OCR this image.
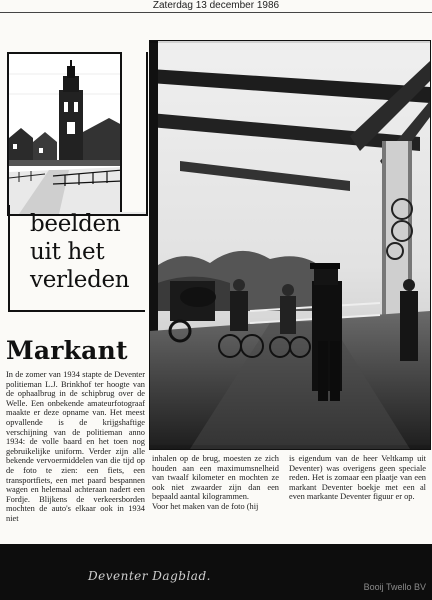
Zaterdag 13 december 1986
beelden
uit het
verleden
Markant
In de zomer van 1934 stapte de Deventer politieman L.J. Brinkhof ter hoogte van de ophaalbrug in de schipbrug over de Welle. Een onbekende amateurfotograaf maakte er deze opname van. Het meest opvallende is de krijgshaftige verschijning van de politieman anno 1934: de volle baard en het toen nog gebruikelijke uniform. Verder zijn alle bekende vervoermiddelen van die tijd op de foto te zien: een fiets, een transportfiets, een met paard bespannen wagen en helemaal achteraan nadert een Fordje. Blijkens de verkeersborden mochten de auto's elkaar ook in 1934 niet
inhalen op de brug, moesten ze zich houden aan een maximumsnelheid van twaalf kilometer en mochten ze ook niet zwaarder zijn dan een bepaald aantal kilogrammen.
Voor het maken van de foto (hij
is eigendum van de heer Veltkamp uit Deventer) was overigens geen speciale reden. Het is zomaar een plaatje van een markant Deventer boekje met een al even markante Deventer figuur er op.
Deventer Dagblad.
Booij Twello BV
